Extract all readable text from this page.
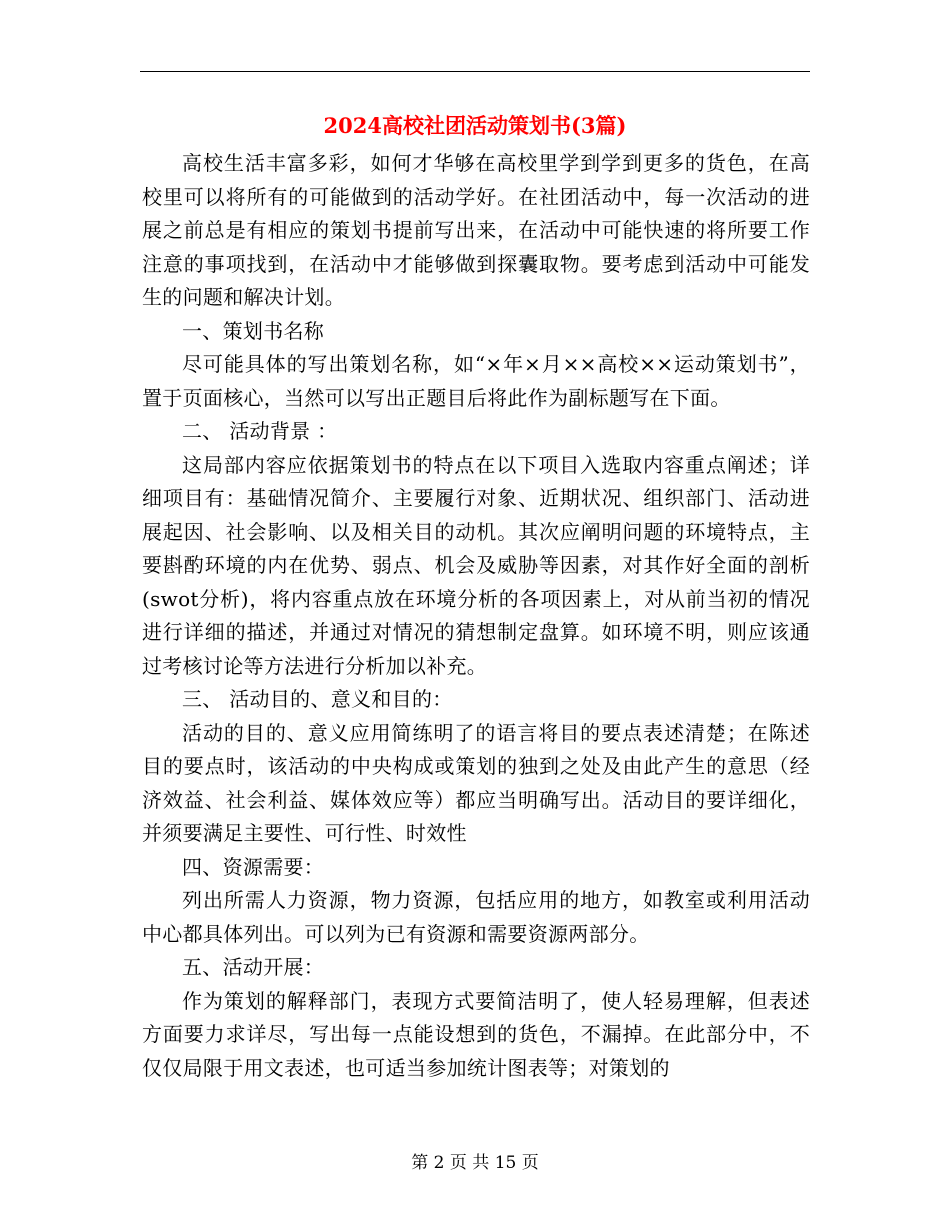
2024高校社团活动策划书(3篇)

高校生活丰富多彩，如何才华够在高校里学到学到更多的货色，在高校里可以将所有的可能做到的活动学好。在社团活动中，每一次活动的进展之前总是有相应的策划书提前写出来，在活动中可能快速的将所要工作注意的事项找到，在活动中才能够做到探囊取物。要考虑到活动中可能发生的问题和解决计划。

一、策划书名称

尽可能具体的写出策划名称，如“×年×月××高校××运动策划书”，置于页面核心，当然可以写出正题目后将此作为副标题写在下面。

二、 活动背景 ：

这局部内容应依据策划书的特点在以下项目入选取内容重点阐述；详细项目有：基础情况简介、主要履行对象、近期状况、组织部门、活动进展起因、社会影响、以及相关目的动机。其次应阐明问题的环境特点，主要斟酌环境的内在优势、弱点、机会及威胁等因素，对其作好全面的剖析(swot分析)，将内容重点放在环境分析的各项因素上，对从前当初的情况进行详细的描述，并通过对情况的猜想制定盘算。如环境不明，则应该通过考核讨论等方法进行分析加以补充。

三、 活动目的、意义和目的：

活动的目的、意义应用简练明了的语言将目的要点表述清楚；在陈述目的要点时，该活动的中央构成或策划的独到之处及由此产生的意思（经济效益、社会利益、媒体效应等）都应当明确写出。活动目的要详细化，并须要满足主要性、可行性、时效性

四、资源需要：

列出所需人力资源，物力资源，包括应用的地方，如教室或利用活动中心都具体列出。可以列为已有资源和需要资源两部分。

五、活动开展：

作为策划的解释部门，表现方式要简洁明了，使人轻易理解，但表述方面要力求详尽，写出每一点能设想到的货色，不漏掉。在此部分中，不仅仅局限于用文表述，也可适当参加统计图表等；对策划的

第 2 页 共 15 页
